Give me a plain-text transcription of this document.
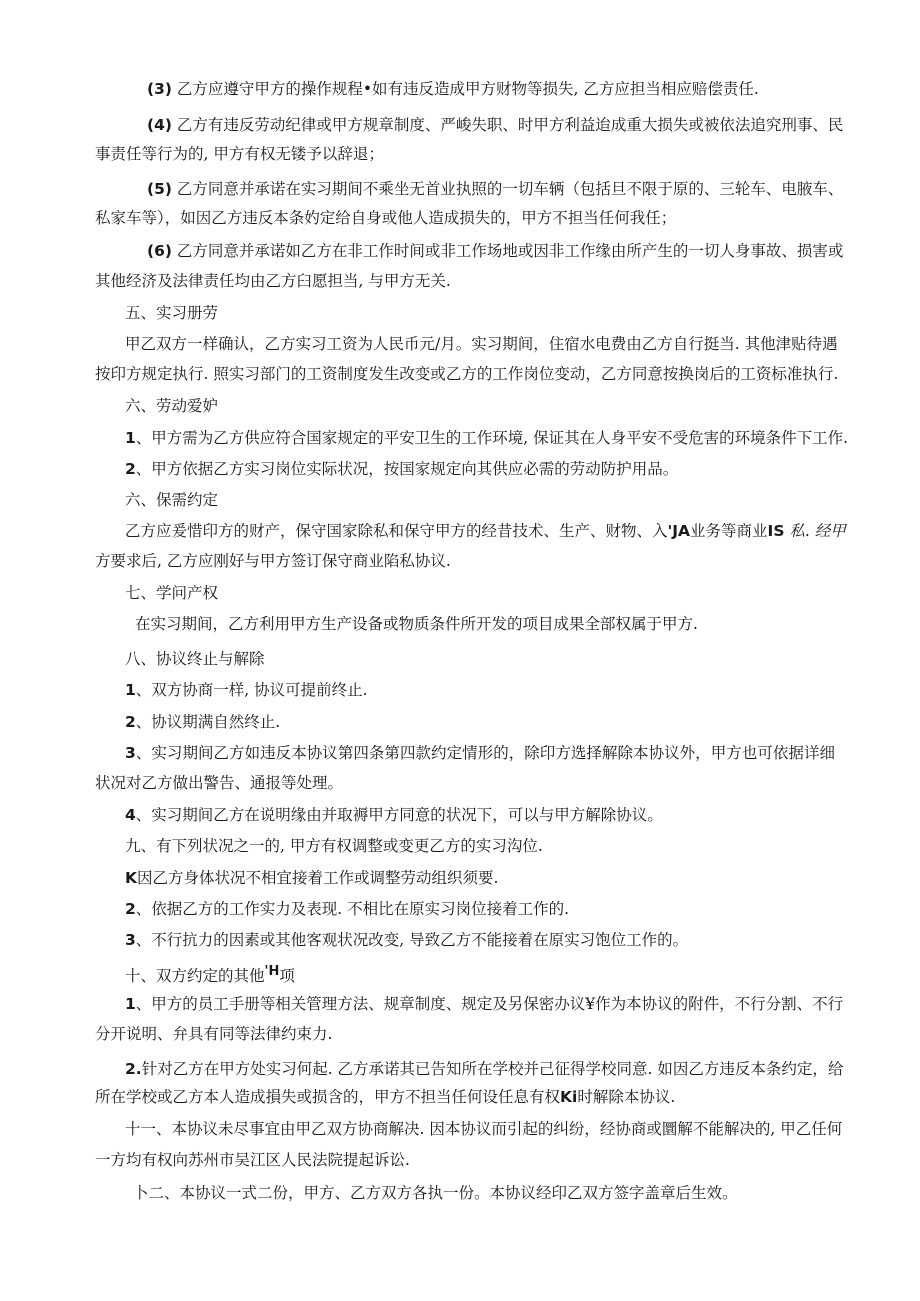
(3) 乙方应遵守甲方的操作规程•如有违反造成甲方财物等损失, 乙方应担当相应赔偿责任.
(4) 乙方有违反劳动纪律或甲方规章制度、严峻失职、时甲方利益迨成重大损失或被依法追究刑事、民
事责任等行为的, 甲方有权无镂予以辞退；
(5) 乙方同意并承诺在实习期间不乘坐无首业执照的一切车辆（包括旦不限于原的、三轮车、电腋车、
私家车等），如因乙方违反本条妁定给自身或他人造成损失的，甲方不担当任何我任；
(6) 乙方同意并承诺如乙方在非工作时间或非工作场地或因非工作缘由所产生的一切人身事故、损害或
其他经济及法律责任均由乙方臼愿担当, 与甲方无关.
五、实习册劳
甲乙双方一样确认，乙方实习工资为人民币元/月。实习期间，住宿水电费由乙方自行挺当. 其他津贴待遇
按印方规定执行. 照实习部门的工资制度发生改变或乙方的工作岗位变动，乙方同意按换岗后的工资标准执行.
六、劳动爱妒
1、甲方需为乙方供应符合国家规定的平安卫生的工作环境, 保证其在人身平安不受危害的环境条件下工作.
2、甲方依据乙方实习岗位实际状况，按国家规定向其供应必需的劳动防护用品。
六、保需约定
乙方应爰惜印方的财产，保守国家除私和保守甲方的经昔技术、生产、财物、入'JA业务等商业IS 私. 经甲
方要求后, 乙方应刚好与甲方签订保守商业陷私协议.
七、学问产权
在实习期间，乙方利用甲方生产设备或物质条件所开发的项目成果全部权属于甲方.
八、协议终止与解除
1、双方协商一样, 协议可提前终止.
2、协议期满自然终止.
3、实习期间乙方如违反本协议第四条第四款约定情形的，除印方选择解除本协议外，甲方也可依据详细
状况对乙方做出警告、通报等处理。
4、实习期间乙方在说明缘由并取褥甲方同意的状况下，可以与甲方解除协议。
九、有下列状况之一的, 甲方有权调整或变更乙方的实习沟位.
K因乙方身体状况不相宜接着工作或调整劳动组织须要.
2、依据乙方的工作实力及表现. 不相比在原实习岗位接着工作的.
3、不行抗力的因素或其他客观状况改变, 导致乙方不能接着在原实习饱位工作的。
十、双方约定的其他$^{'H}$项
1、甲方的员工手册等相关管理方法、规章制度、规定及另保密办议¥作为本协议的附件，不行分割、不行
分开说明、弁具有同等法律约束力.
2.针对乙方在甲方处实习何起. 乙方承诺其已告知所在学校并己征得学校同意. 如因乙方违反本条约定，给
所在学校或乙方本人造成損失或损含的，甲方不担当任何设任息有权Ki时解除本协议.
十一、本协议未尽事宜由甲乙双方协商解决. 因本协议而引起的纠纷，经协商或圜解不能解决的, 甲乙任何
一方均有权向苏州市吴江区人民法院提起诉讼.
卜二、本协议一式二份，甲方、乙方双方各执一份。本协议经印乙双方签字盖章后生效。
